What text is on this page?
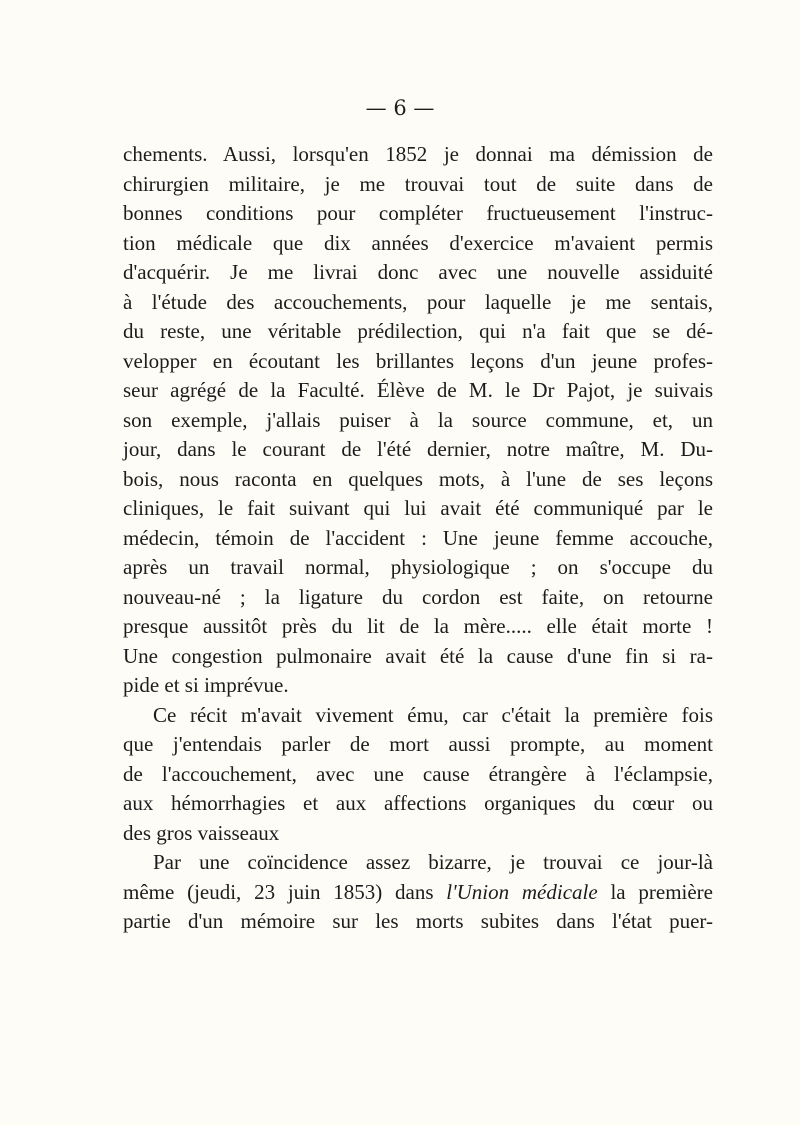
— 6 —
chements. Aussi, lorsqu'en 1852 je donnai ma démission de
chirurgien militaire, je me trouvai tout de suite dans de
bonnes conditions pour compléter fructueusement l'instruc-
tion médicale que dix années d'exercice m'avaient permis
d'acquérir. Je me livrai donc avec une nouvelle assiduité
à l'étude des accouchements, pour laquelle je me sentais,
du reste, une véritable prédilection, qui n'a fait que se dé-
velopper en écoutant les brillantes leçons d'un jeune profes-
seur agrégé de la Faculté. Élève de M. le Dr Pajot, je suivais
son exemple, j'allais puiser à la source commune, et, un
jour, dans le courant de l'été dernier, notre maître, M. Du-
bois, nous raconta en quelques mots, à l'une de ses leçons
cliniques, le fait suivant qui lui avait été communiqué par le
médecin, témoin de l'accident : Une jeune femme accouche,
après un travail normal, physiologique ; on s'occupe du
nouveau-né ; la ligature du cordon est faite, on retourne
presque aussitôt près du lit de la mère..... elle était morte !
Une congestion pulmonaire avait été la cause d'une fin si ra-
pide et si imprévue.
Ce récit m'avait vivement ému, car c'était la première fois
que j'entendais parler de mort aussi prompte, au moment
de l'accouchement, avec une cause étrangère à l'éclampsie,
aux hémorrhagies et aux affections organiques du cœur ou
des gros vaisseaux
Par une coïncidence assez bizarre, je trouvai ce jour-là
même (jeudi, 23 juin 1853) dans l'Union médicale la première
partie d'un mémoire sur les morts subites dans l'état puer-
